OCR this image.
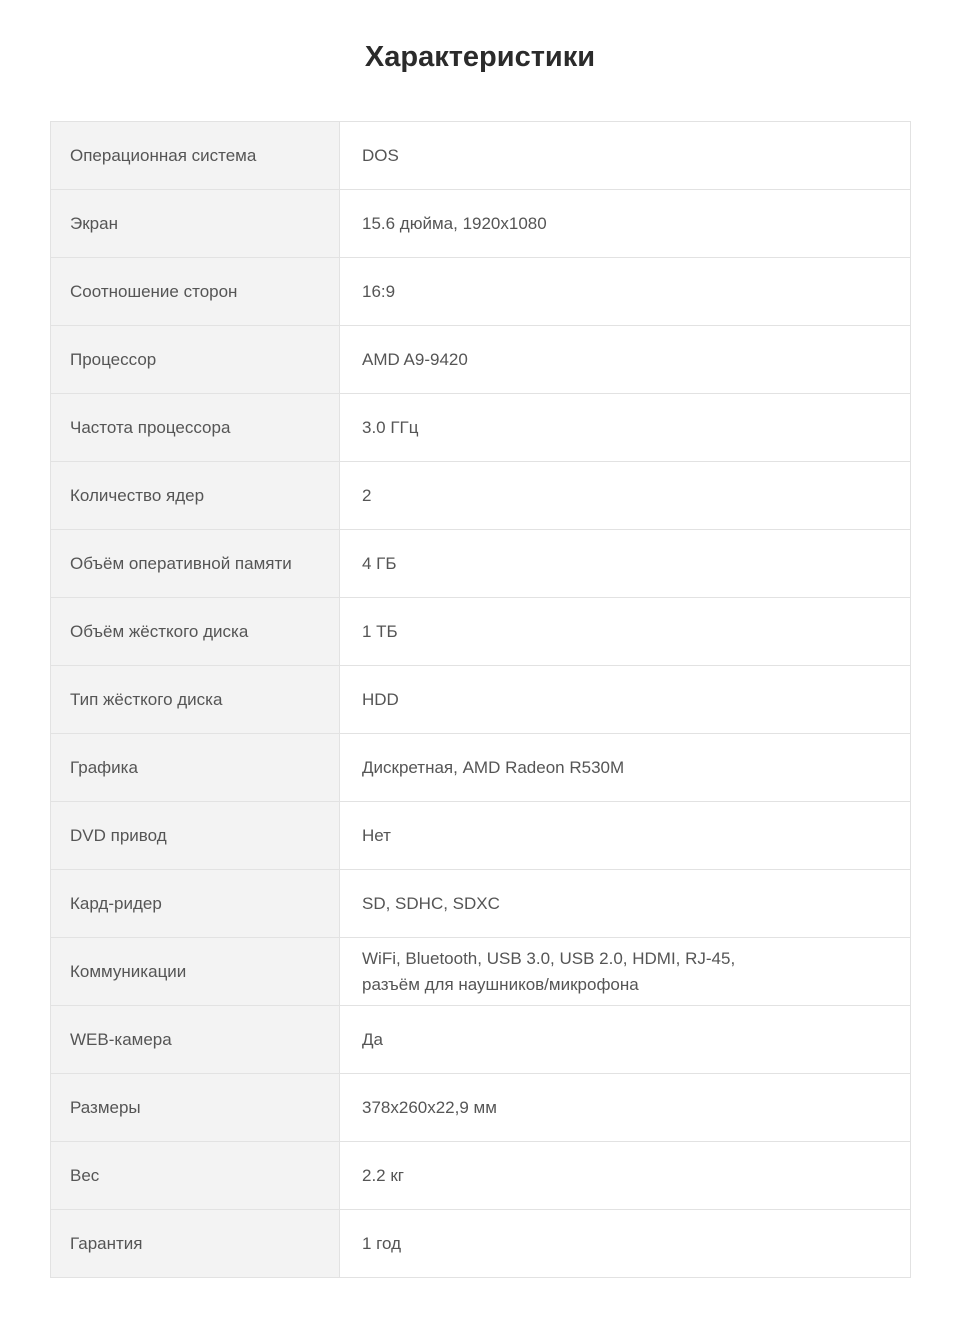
Характеристики
Операционная система	DOS

Экран	15.6 дюйма, 1920x1080

Соотношение сторон	16:9

Процессор	AMD A9-9420

Частота процессора	3.0 ГГц

Количество ядер	2

Объём оперативной памяти	4 ГБ

Объём жёсткого диска	1 ТБ

Тип жёсткого диска	HDD

Графика	Дискретная, AMD Radeon R530M

DVD привод	Нет

Кард-ридер	SD, SDHC, SDXC

Коммуникации	WiFi, Bluetooth, USB 3.0, USB 2.0, HDMI, RJ-45,
разъём для наушников/микрофона

WEB-камера	Да

Размеры	378x260x22,9 мм

Вес	2.2 кг

Гарантия	1 год
